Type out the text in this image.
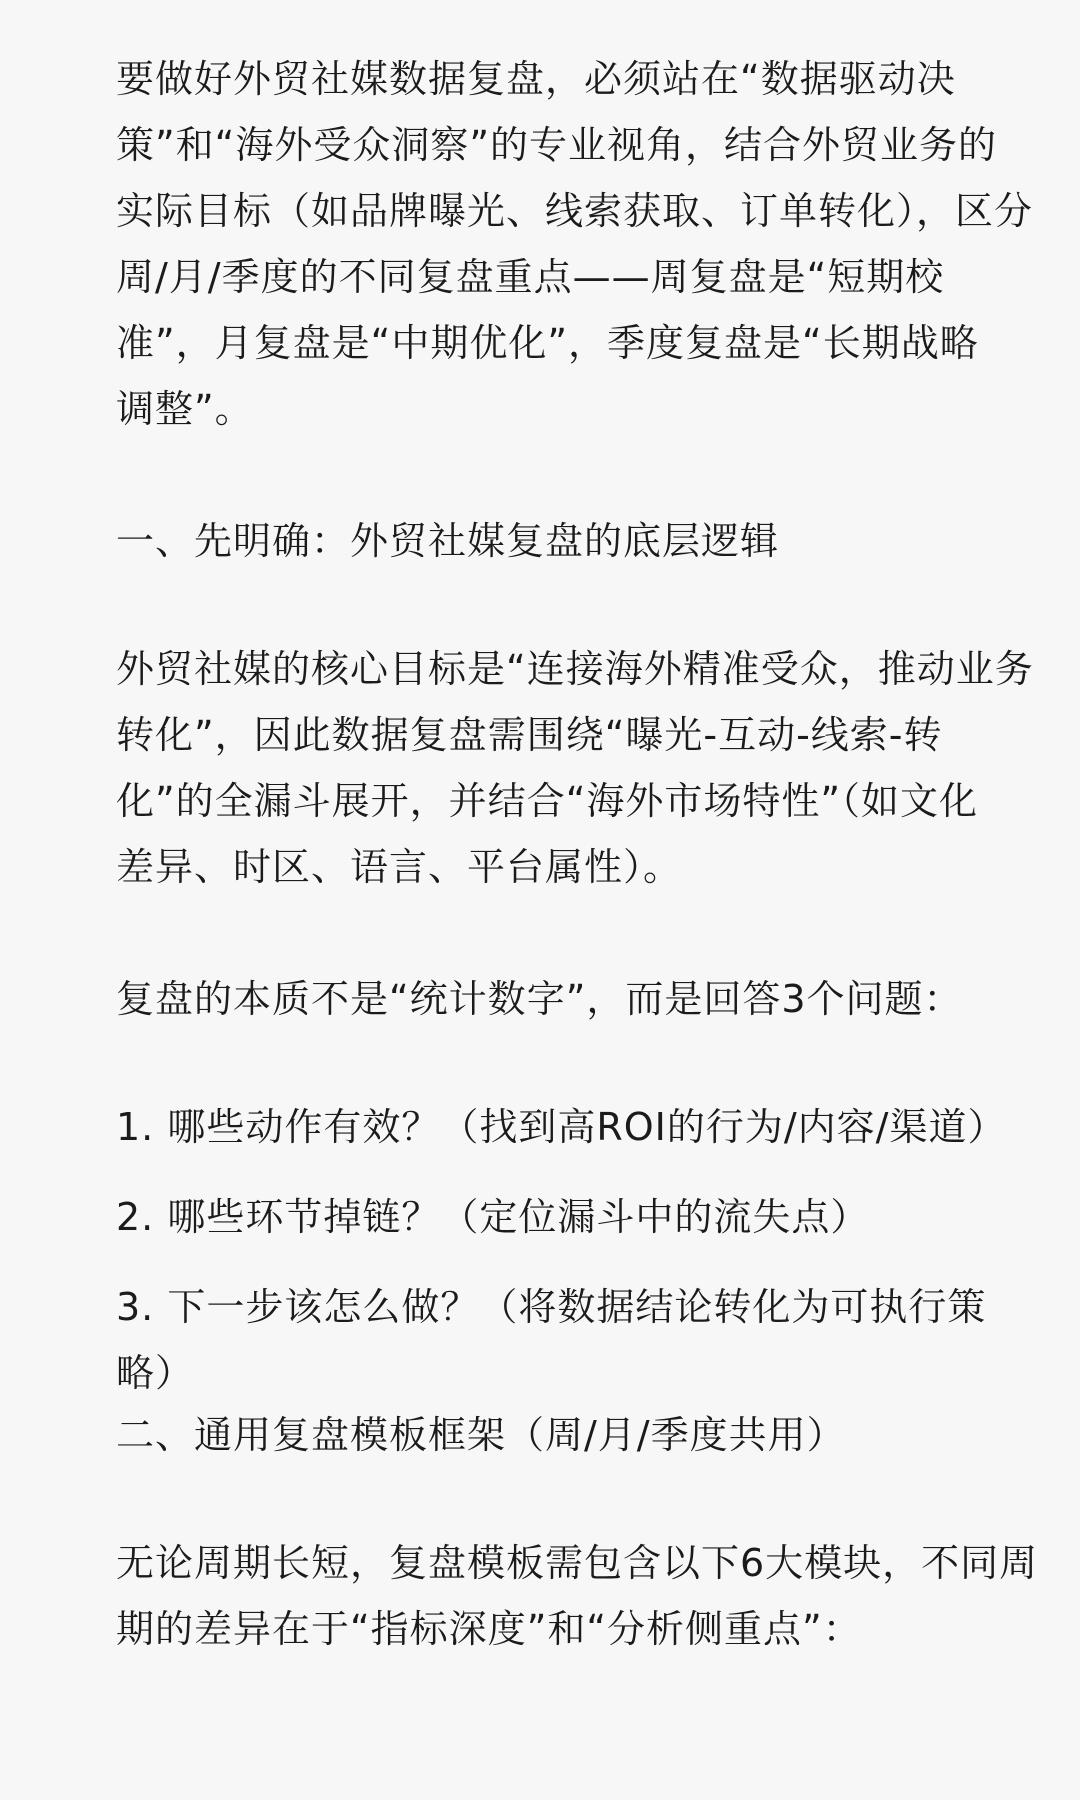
要做好外贸社媒数据复盘，必须站在“数据驱动决
策”和“海外受众洞察”的专业视角，结合外贸业务的
实际目标（如品牌曝光、线索获取、订单转化），区分
周/月/季度的不同复盘重点——周复盘是“短期校
准”，月复盘是“中期优化”，季度复盘是“长期战略
调整”。

一、先明确：外贸社媒复盘的底层逻辑

外贸社媒的核心目标是“连接海外精准受众，推动业务
转化”，因此数据复盘需围绕“曝光-互动-线索-转
化”的全漏斗展开，并结合“海外市场特性”（如文化
差异、时区、语言、平台属性）。

复盘的本质不是“统计数字”，而是回答3个问题：

1. 哪些动作有效？（找到高ROI的行为/内容/渠道）

2. 哪些环节掉链？（定位漏斗中的流失点）

3. 下一步该怎么做？（将数据结论转化为可执行策略）

二、通用复盘模板框架（周/月/季度共用）

无论周期长短，复盘模板需包含以下6大模块，不同周
期的差异在于“指标深度”和“分析侧重点”：
